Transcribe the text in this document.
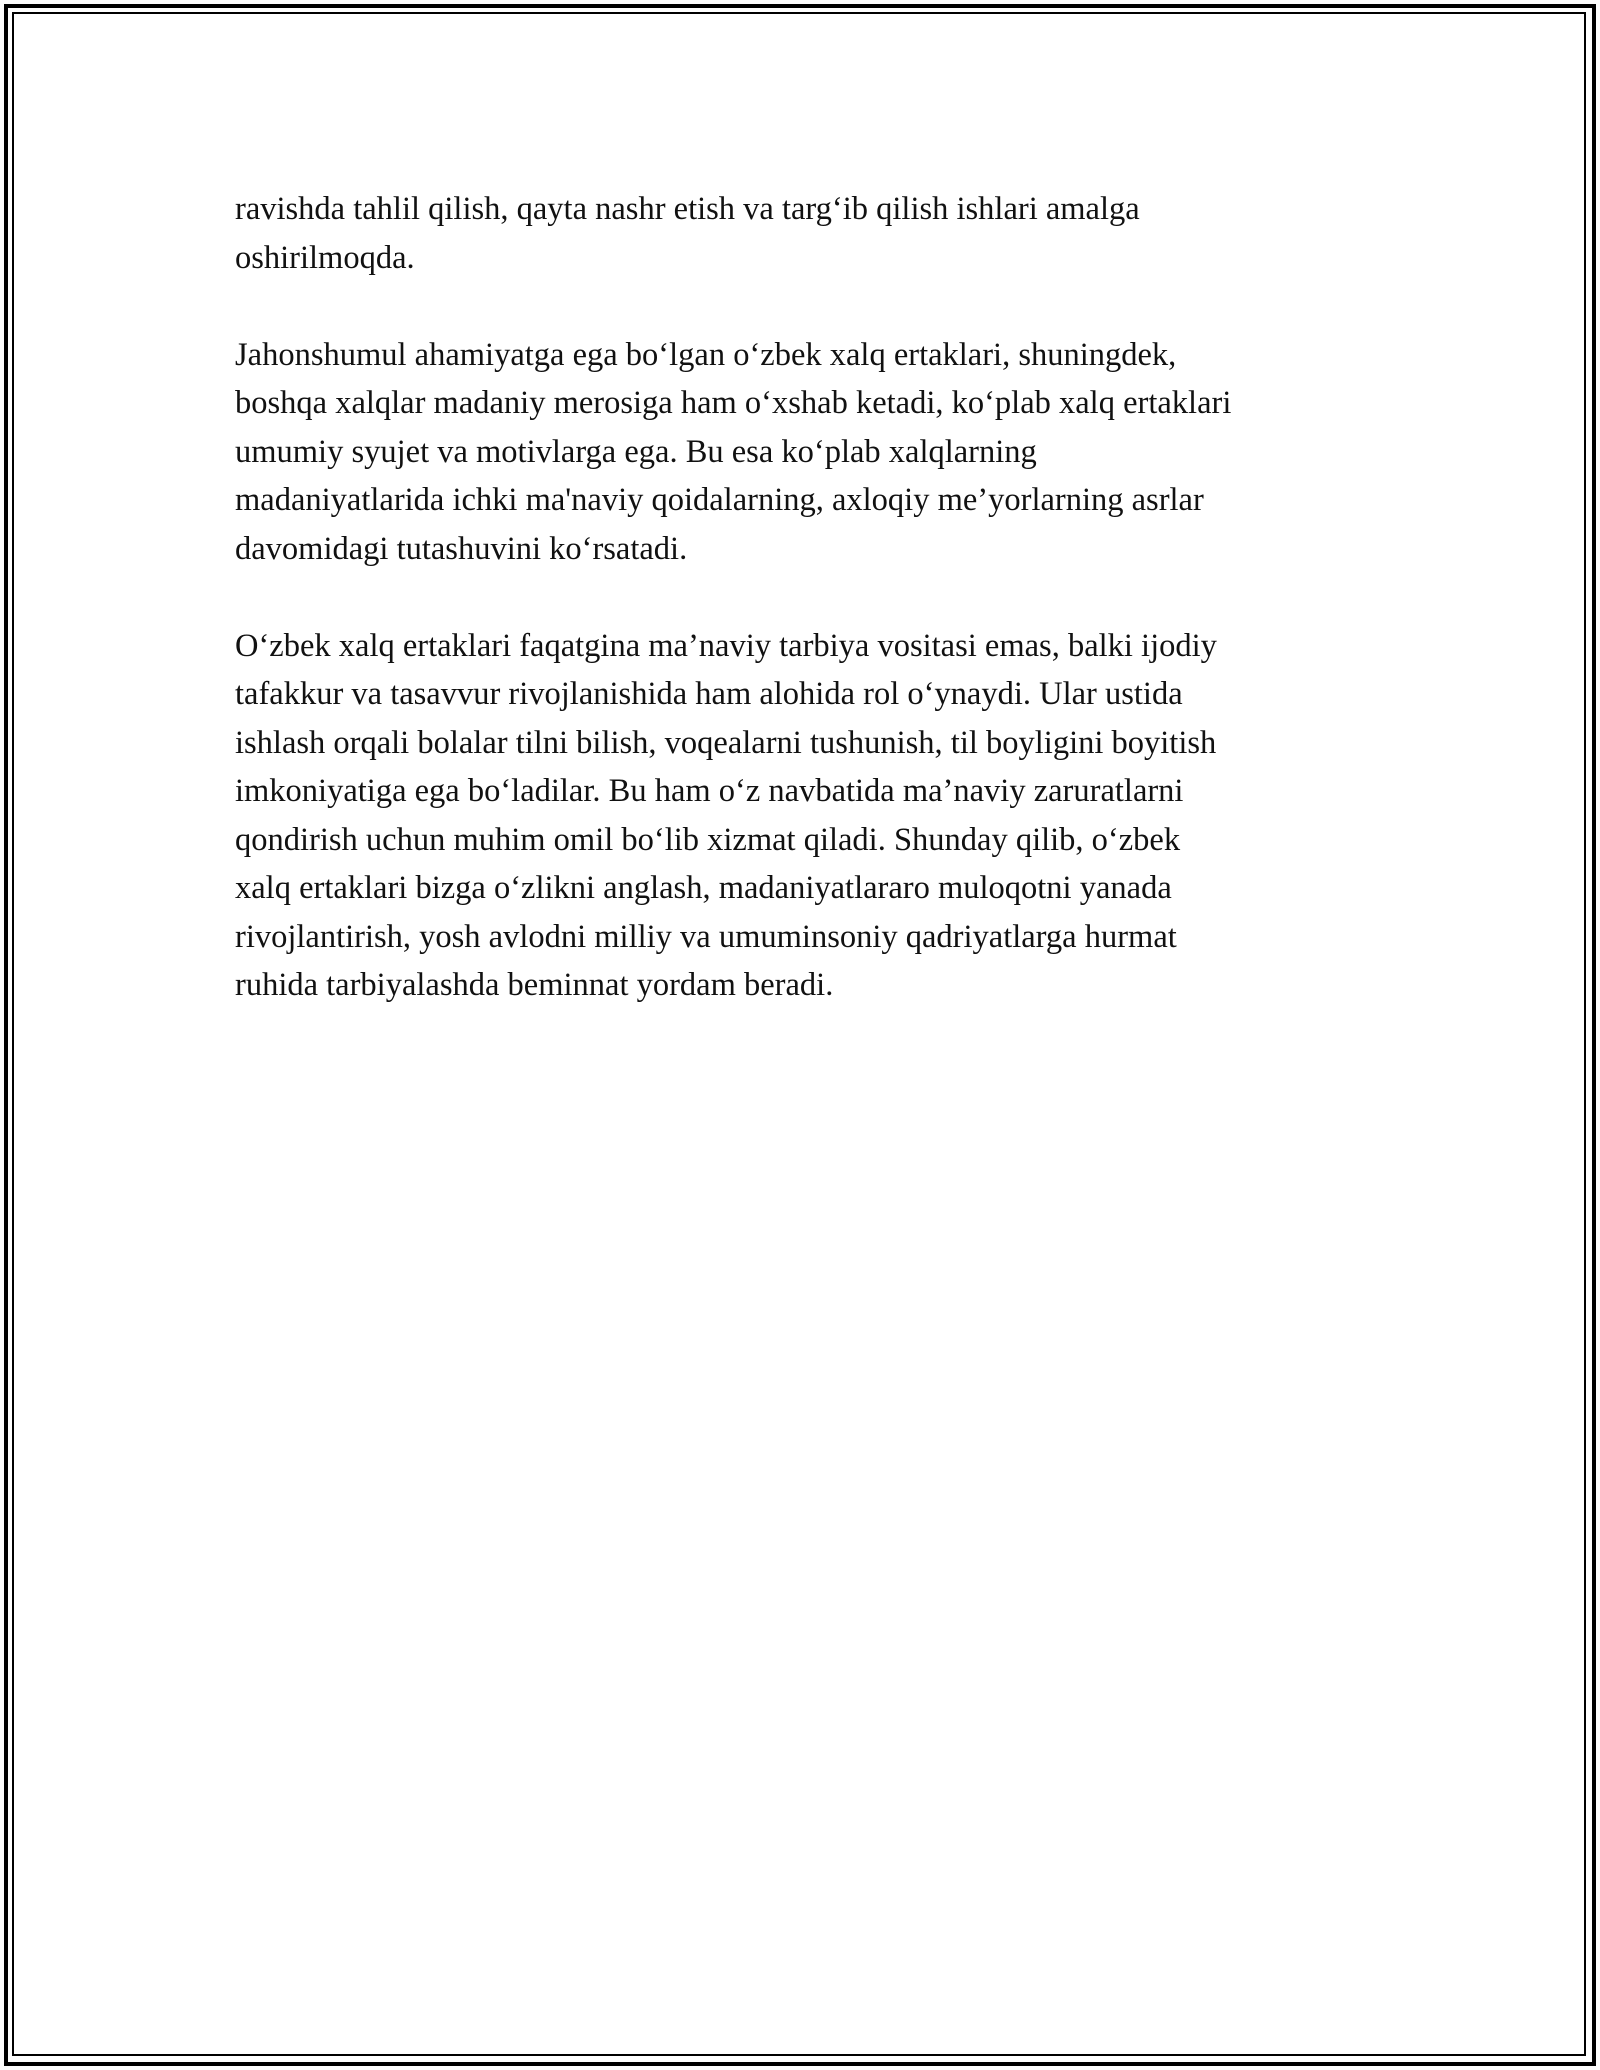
ravishda tahlil qilish, qayta nashr etish va targ‘ib qilish ishlari amalga
oshirilmoqda.

Jahonshumul ahamiyatga ega bo‘lgan o‘zbek xalq ertaklari, shuningdek,
boshqa xalqlar madaniy merosiga ham o‘xshab ketadi, ko‘plab xalq ertaklari
umumiy syujet va motivlarga ega. Bu esa ko‘plab xalqlarning
madaniyatlarida ichki ma'naviy qoidalarning, axloqiy me’yorlarning asrlar
davomidagi tutashuvini ko‘rsatadi.

O‘zbek xalq ertaklari faqatgina ma’naviy tarbiya vositasi emas, balki ijodiy
tafakkur va tasavvur rivojlanishida ham alohida rol o‘ynaydi. Ular ustida
ishlash orqali bolalar tilni bilish, voqealarni tushunish, til boyligini boyitish
imkoniyatiga ega bo‘ladilar. Bu ham o‘z navbatida ma’naviy zaruratlarni
qondirish uchun muhim omil bo‘lib xizmat qiladi. Shunday qilib, o‘zbek
xalq ertaklari bizga o‘zlikni anglash, madaniyatlararo muloqotni yanada
rivojlantirish, yosh avlodni milliy va umuminsoniy qadriyatlarga hurmat
ruhida tarbiyalashda beminnat yordam beradi.
